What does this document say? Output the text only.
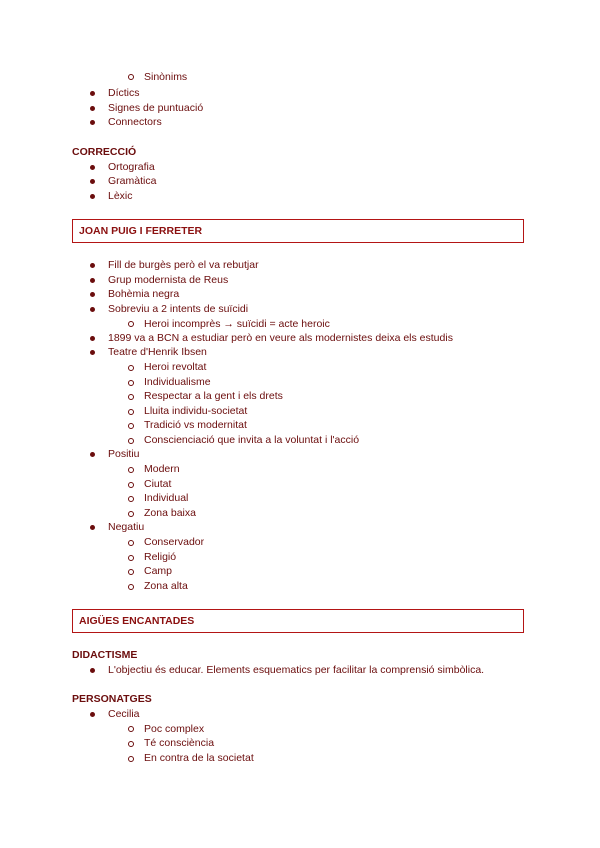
Sinònims
Díctics
Signes de puntuació
Connectors
CORRECCIÓ
Ortografia
Gramàtica
Lèxic
JOAN PUIG I FERRETER
Fill de burgès però el va rebutjar
Grup modernista de Reus
Bohèmia negra
Sobreviu a 2 intents de suïcidi
Heroi incomprès → suïcidi = acte heroic
1899 va a BCN a estudiar però en veure als modernistes deixa els estudis
Teatre d'Henrik Ibsen
Heroi revoltat
Individualisme
Respectar a la gent i els drets
Lluita individu-societat
Tradició vs modernitat
Conscienciació que invita a la voluntat i l'acció
Positiu
Modern
Ciutat
Individual
Zona baixa
Negatiu
Conservador
Religió
Camp
Zona alta
AIGÜES ENCANTADES
DIDACTISME
L'objectiu és educar. Elements esquematics per facilitar la comprensió simbòlica.
PERSONATGES
Cecilia
Poc complex
Té consciència
En contra de la societat
